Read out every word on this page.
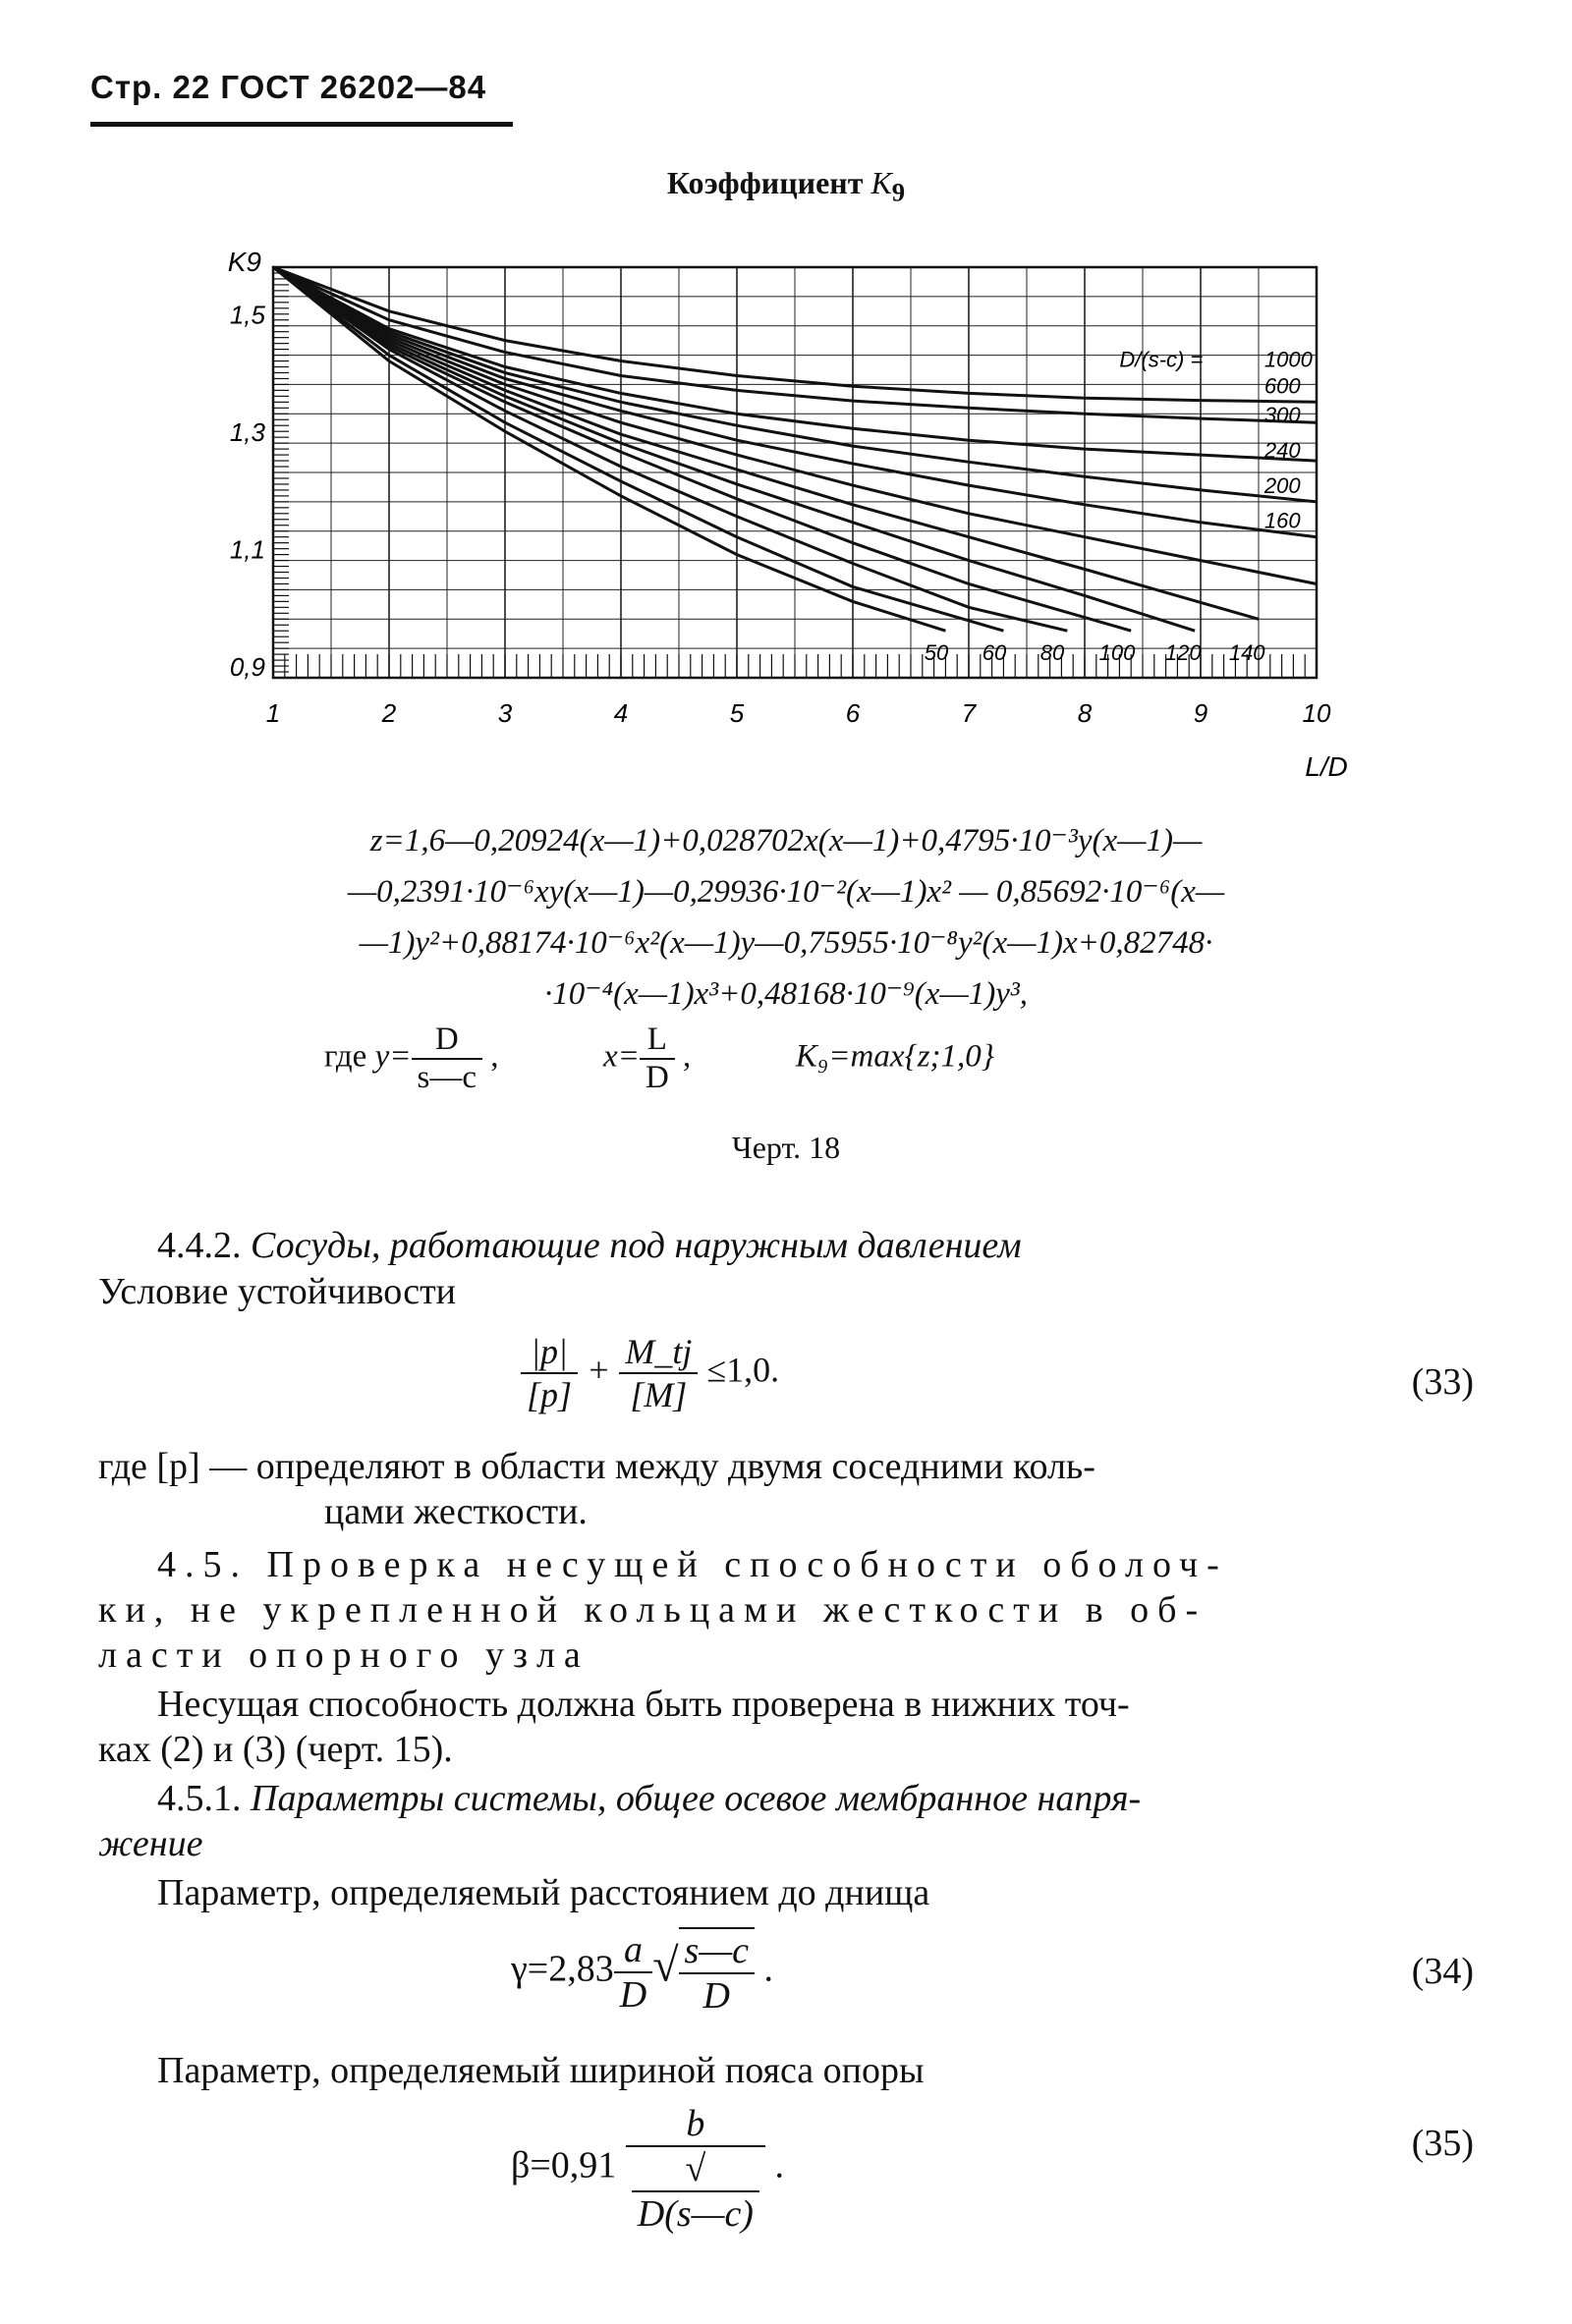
Стр. 22 ГОСТ 26202—84
Коэффициент $K_9$
1	2	3	4	5	6	7	8	9	10
0,9
1,1
1,3
1,5
K9
L/D
D/(s-c) =
160
200
240
300
600
1000
50 60 80 100 120 140
z=1,6—0,20924(x—1)+0,028702x(x—1)+0,4795·10⁻³y(x—1)—
—0,2391·10⁻⁶xy(x—1)—0,29936·10⁻²(x—1)x² — 0,85692·10⁻⁶(x—
—1)y²+0,88174·10⁻⁶x²(x—1)y—0,75955·10⁻⁸y²(x—1)x+0,82748·
·10⁻⁴(x—1)x³+0,48168·10⁻⁹(x—1)y³,
где $y= \frac{D}{s—c}$ ,	$x= \frac{L}{D}$ ,	K₉=max{z;1,0}
Черт. 18
4.4.2. Сосуды, работающие под наружным давлением
Условие устойчивости
$\frac{|p|}{[p]} + \frac{M\_tj}{[M]} \le 1,0$.	(33)
где [p] — определяют в области между двумя соседними коль-
цами жесткости.
4.5. Проверка несущей способности оболоч-
ки, не укрепленной кольцами жесткости в об-
ласти опорного узла
Несущая способность должна быть проверена в нижних точ-
ках (2) и (3) (черт. 15).
4.5.1. Параметры системы, общее осевое мембранное напря-
жение
Параметр, определяемый расстоянием до днища
$\gamma=2,83 \frac{a}{D}$ √ $\frac{s—c}{D}$ .	(34)
Параметр, определяемый шириной пояса опоры
β=0,91 b
√
D(s—c) .
(35)
